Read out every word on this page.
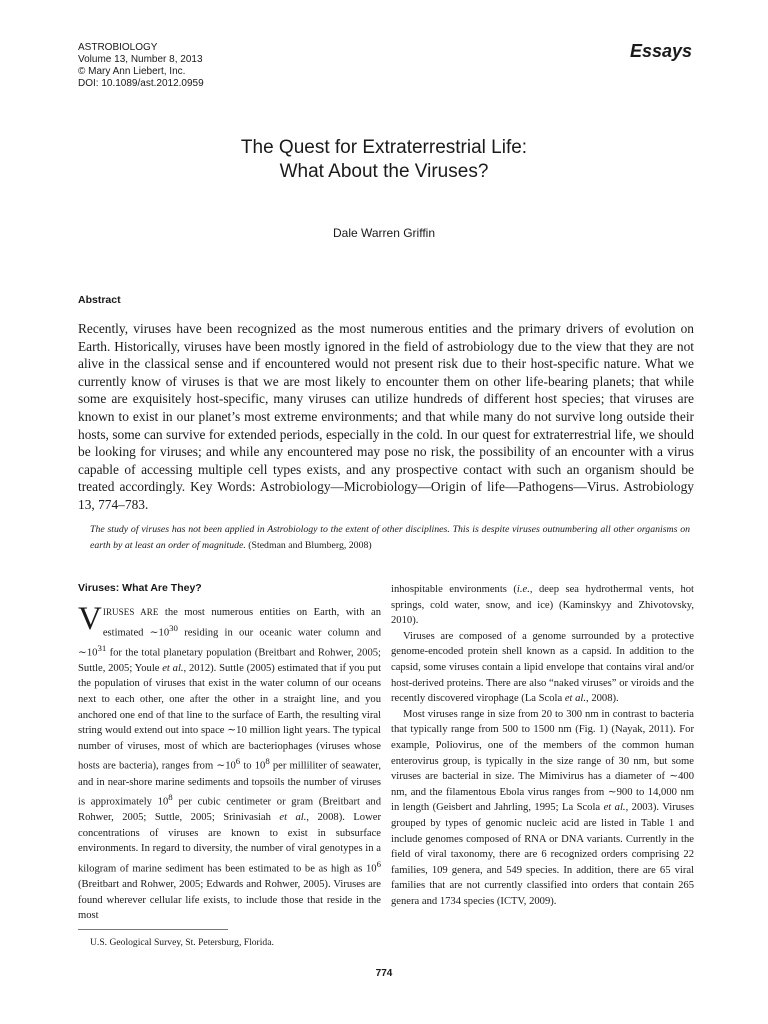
ASTROBIOLOGY
Volume 13, Number 8, 2013
© Mary Ann Liebert, Inc.
DOI: 10.1089/ast.2012.0959
Essays
The Quest for Extraterrestrial Life:
What About the Viruses?
Dale Warren Griffin
Abstract
Recently, viruses have been recognized as the most numerous entities and the primary drivers of evolution on Earth. Historically, viruses have been mostly ignored in the field of astrobiology due to the view that they are not alive in the classical sense and if encountered would not present risk due to their host-specific nature. What we currently know of viruses is that we are most likely to encounter them on other life-bearing planets; that while some are exquisitely host-specific, many viruses can utilize hundreds of different host species; that viruses are known to exist in our planet’s most extreme environments; and that while many do not survive long outside their hosts, some can survive for extended periods, especially in the cold. In our quest for extraterrestrial life, we should be looking for viruses; and while any encountered may pose no risk, the possibility of an encounter with a virus capable of accessing multiple cell types exists, and any prospective contact with such an organism should be treated accordingly. Key Words: Astrobiology—Microbiology—Origin of life—Pathogens—Virus. Astrobiology 13, 774–783.
The study of viruses has not been applied in Astrobiology to the extent of other disciplines. This is despite viruses outnumbering all other organisms on earth by at least an order of magnitude. (Stedman and Blumberg, 2008)
Viruses: What Are They?

VIRUSES ARE the most numerous entities on Earth, with an estimated $\sim 10^{30}$ residing in our oceanic water column and $\sim 10^{31}$ for the total planetary population (Breitbart and Rohwer, 2005; Suttle, 2005; Youle et al., 2012). Suttle (2005) estimated that if you put the population of viruses that exist in the water column of our oceans next to each other, one after the other in a straight line, and you anchored one end of that line to the surface of Earth, the resulting viral string would extend out into space ∼10 million light years. The typical number of viruses, most of which are bacteriophages (viruses whose hosts are bacteria), ranges from $\sim 10^6$ to $10^8$ per milliliter of seawater, and in near-shore marine sediments and topsoils the number of viruses is approximately $10^8$ per cubic centimeter or gram (Breitbart and Rohwer, 2005; Suttle, 2005; Srinivasiah et al., 2008). Lower concentrations of viruses are known to exist in subsurface environments. In regard to diversity, the number of viral genotypes in a kilogram of marine sediment has been estimated to be as high as $10^6$ (Breitbart and Rohwer, 2005; Edwards and Rohwer, 2005). Viruses are found wherever cellular life exists, to include those that reside in the most

inhospitable environments (i.e., deep sea hydrothermal vents, hot springs, cold water, snow, and ice) (Kaminskyy and Zhivotovsky, 2010).

Viruses are composed of a genome surrounded by a protective genome-encoded protein shell known as a capsid. In addition to the capsid, some viruses contain a lipid envelope that contains viral and/or host-derived proteins. There are also “naked viruses” or viroids and the recently discovered virophage (La Scola et al., 2008).

Most viruses range in size from 20 to 300 nm in contrast to bacteria that typically range from 500 to 1500 nm (Fig. 1) (Nayak, 2011). For example, Poliovirus, one of the members of the common human enterovirus group, is typically in the size range of 30 nm, but some viruses are bacterial in size. The Mimivirus has a diameter of ∼400 nm, and the filamentous Ebola virus ranges from ∼900 to 14,000 nm in length (Geisbert and Jahrling, 1995; La Scola et al., 2003). Viruses grouped by types of genomic nucleic acid are listed in Table 1 and include genomes composed of RNA or DNA variants. Currently in the field of viral taxonomy, there are 6 recognized orders comprising 22 families, 109 genera, and 549 species. In addition, there are 65 viral families that are not currently classified into orders that contain 265 genera and 1734 species (ICTV, 2009).

U.S. Geological Survey, St. Petersburg, Florida.
774
